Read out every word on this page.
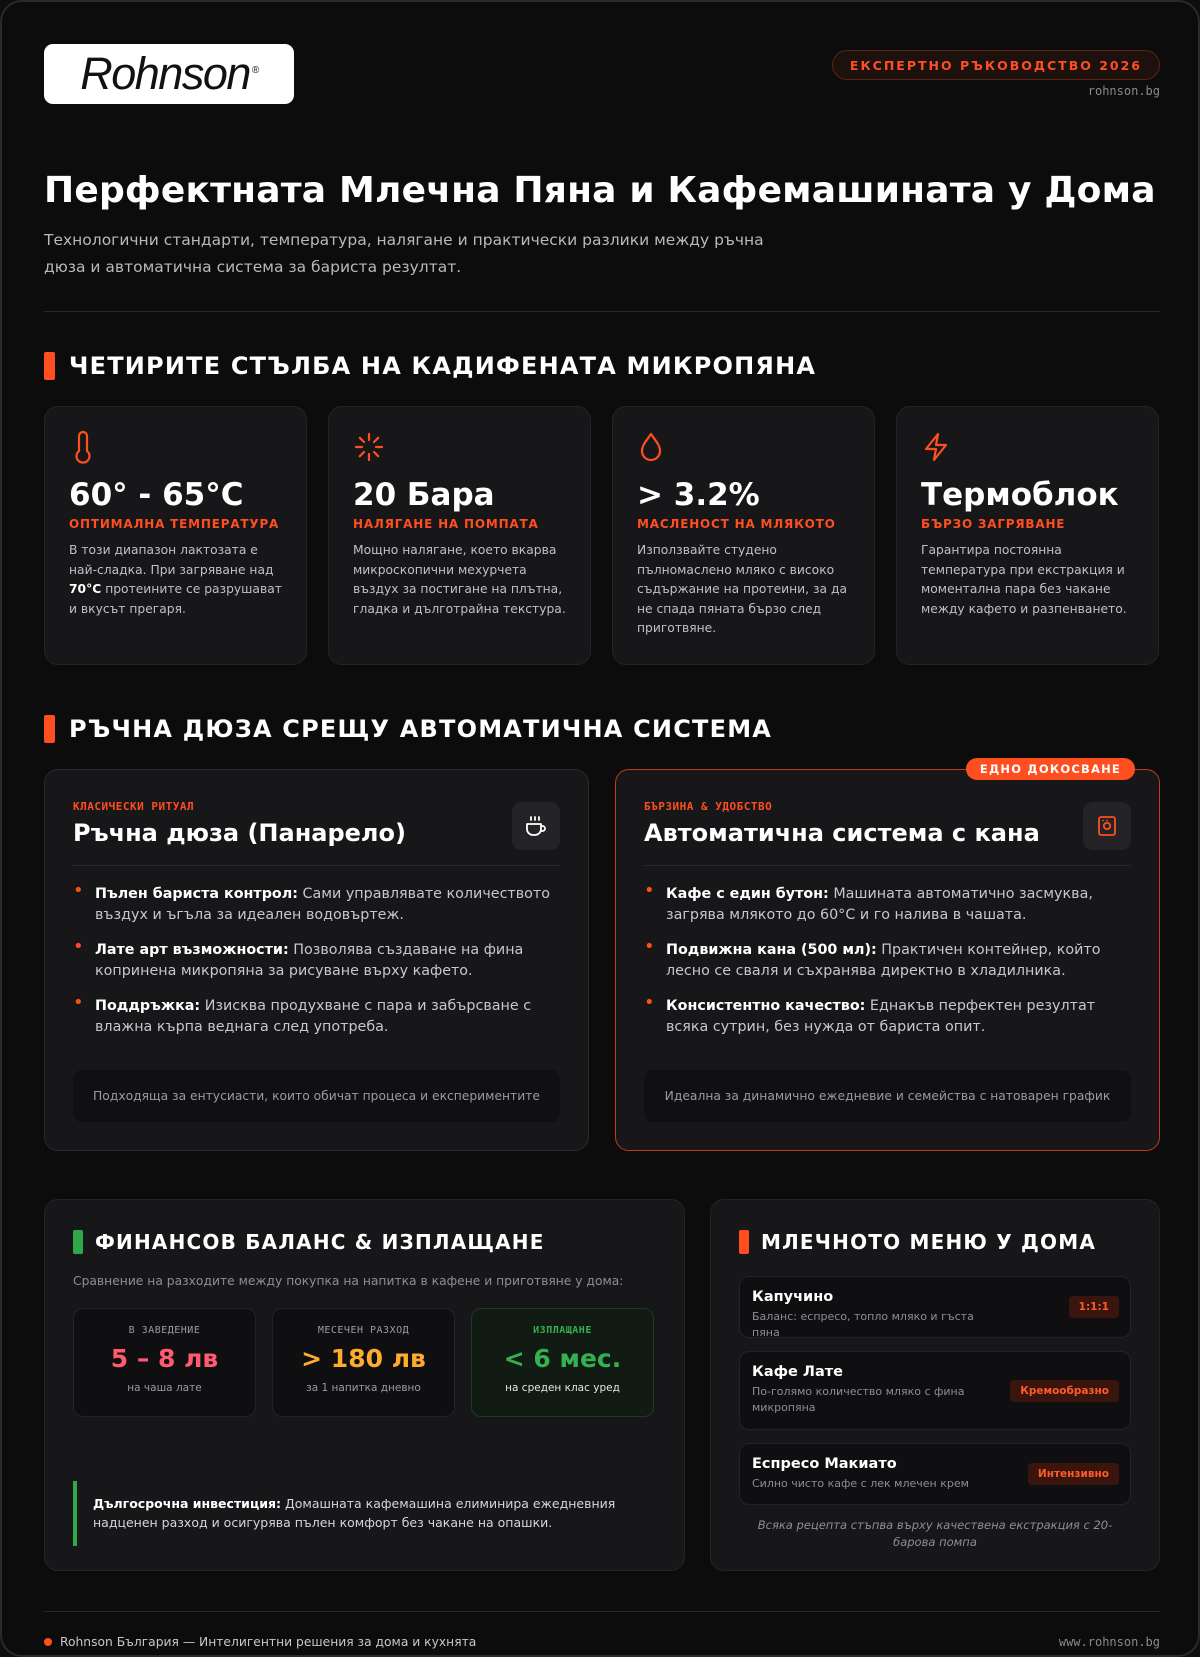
Rohnson®	ЕКСПЕРТНО РЪКОВОДСТВО 2026
rohnson.bg
Перфектната Млечна Пяна и Кафемашината у Дома

Технологични стандарти, температура, налягане и практически разлики между ръчна дюза и автоматична система за бариста резултат.

ЧЕТИРИТЕ СТЪЛБА НА КАДИФЕНАТА МИКРОПЯНА
60° - 65°C
ОПТИМАЛНА ТЕМПЕРАТУРА
В този диапазон лактозата е най-сладка. При загряване над 70°C протеините се разрушават и вкусът прегаря.
20 Бара
НАЛЯГАНЕ НА ПОМПАТА
Мощно налягане, което вкарва микроскопични мехурчета въздух за постигане на плътна, гладка и дълготрайна текстура.
> 3.2%
МАСЛЕНОСТ НА МЛЯКОТО
Използвайте студено пълномаслено мляко с високо съдържание на протеини, за да не спада пяната бързо след приготвяне.
Термоблок
БЪРЗО ЗАГРЯВАНЕ
Гарантира постоянна температура при екстракция и моментална пара без чакане между кафето и разпенването.
РЪЧНА ДЮЗА СРЕЩУ АВТОМАТИЧНА СИСТЕМА
КЛАСИЧЕСКИ РИТУАЛ
Ръчна дюза (Панарело)
• Пълен бариста контрол: Сами управлявате количеството въздух и ъгъла за идеален водовъртеж.
• Лате арт възможности: Позволява създаване на фина копринена микропяна за рисуване върху кафето.
• Поддръжка: Изисква продухване с пара и забърсване с влажна кърпа веднага след употреба.
Подходяща за ентусиасти, които обичат процеса и експериментите
ЕДНО ДОКОСВАНЕ
БЪРЗИНА & УДОБСТВО
Автоматична система с кана
• Кафе с един бутон: Машината автоматично засмуква, загрява млякото до 60°C и го налива в чашата.
• Подвижна кана (500 мл): Практичен контейнер, който лесно се сваля и съхранява директно в хладилника.
• Консистентно качество: Еднакъв перфектен резултат всяка сутрин, без нужда от бариста опит.
Идеална за динамично ежедневие и семейства с натоварен график
ФИНАНСОВ БАЛАНС & ИЗПЛАЩАНЕ
Сравнение на разходите между покупка на напитка в кафене и приготвяне у дома:
В ЗАВЕДЕНИЕ
5 – 8 лв
на чаша лате
МЕСЕЧЕН РАЗХОД
> 180 лв
за 1 напитка дневно
ИЗПЛАЩАНЕ
< 6 мес.
на среден клас уред
Дългосрочна инвестиция: Домашната кафемашина елиминира ежедневния надценен разход и осигурява пълен комфорт без чакане на опашки.
МЛЕЧНОТО МЕНЮ У ДОМА
Капучино
Баланс: еспресо, топло мляко и гъста пяна
1:1:1
Кафе Лате
По-голямо количество мляко с фина микропяна
Кремообразно
Еспресо Макиато
Силно чисто кафе с лек млечен крем
Интензивно
Всяка рецепта стъпва върху качествена екстракция с 20-барова помпа
Rohnson България — Интелигентни решения за дома и кухнята	www.rohnson.bg
